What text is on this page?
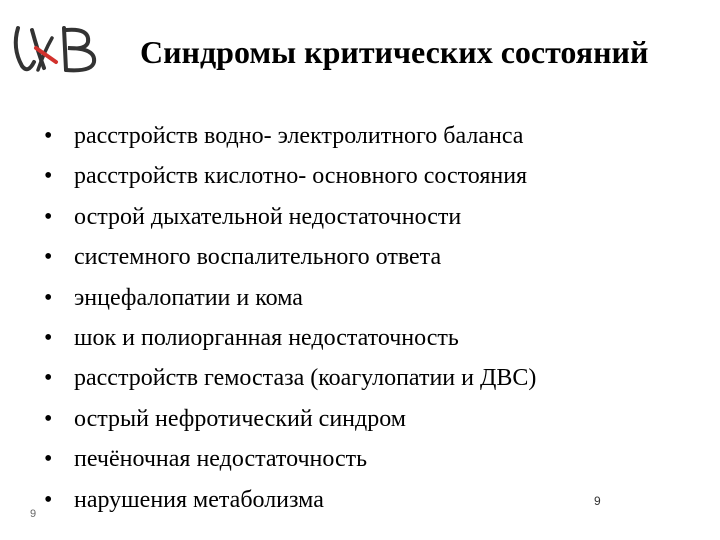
Синдромы критических состояний
• расстройств водно- электролитного баланса
• расстройств кислотно- основного состояния
• острой дыхательной недостаточности
• системного воспалительного ответа
• энцефалопатии и кома
• шок и полиорганная недостаточность
• расстройств гемостаза (коагулопатии и ДВС)
• острый нефротический синдром
• печёночная недостаточность
• нарушения метаболизма
9
9
